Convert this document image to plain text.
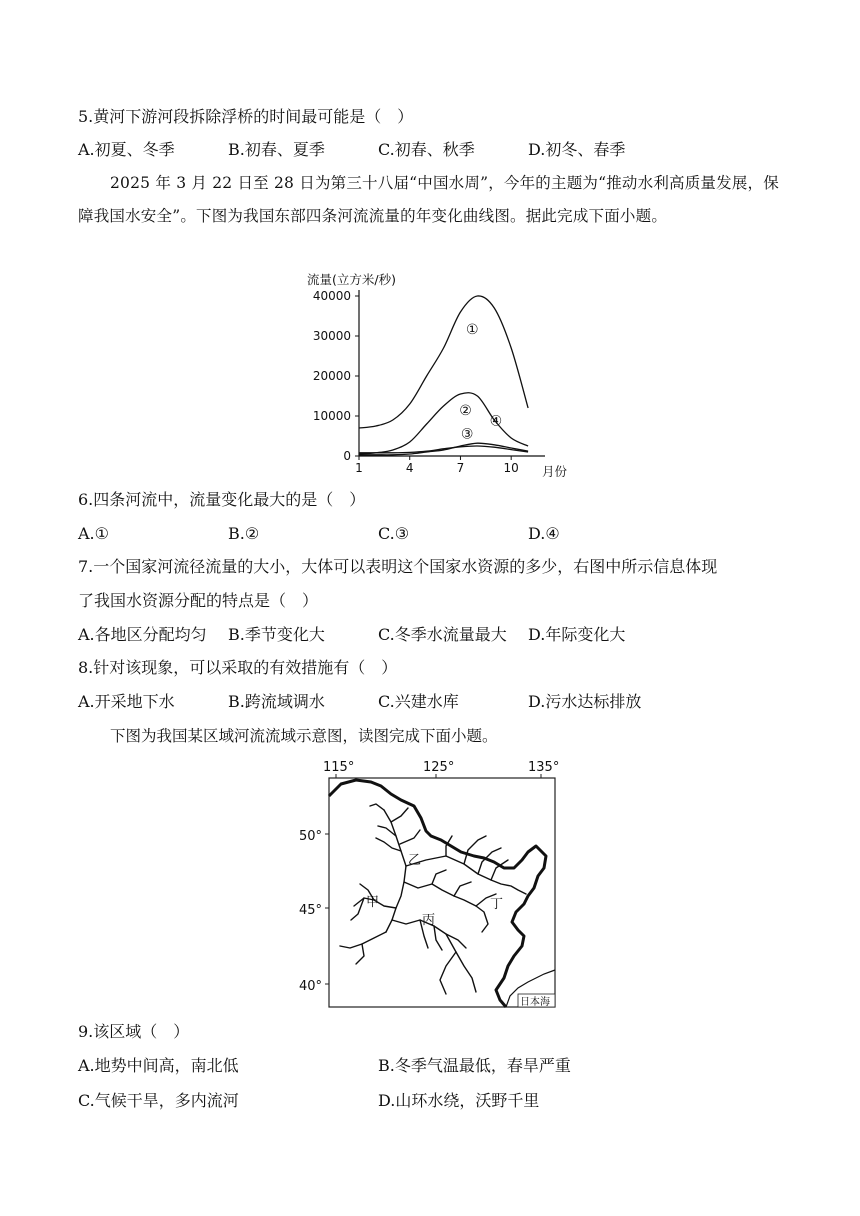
5.黄河下游河段拆除浮桥的时间最可能是（　）
A.初夏、冬季	B.初春、夏季	C.初春、秋季	D.初冬、春季
2025 年 3 月 22 日至 28 日为第三十八届“中国水周”，今年的主题为“推动水利高质量发展，保障我国水安全”。下图为我国东部四条河流流量的年变化曲线图。据此完成下面小题。
流量(立方米/秒)
40000
30000
20000
10000
0
1	4	7	10
①
②
③
④
月份
6.四条河流中，流量变化最大的是（　）
A.①	B.②	C.③	D.④
7.一个国家河流径流量的大小，大体可以表明这个国家水资源的多少，右图中所示信息体现
了我国水资源分配的特点是（　）
A.各地区分配均匀 B.季节变化大	C.冬季水流量最大 D.年际变化大
8.针对该现象，可以采取的有效措施有（　）
A.开采地下水	B.跨流域调水	C.兴建水库	D.污水达标排放
下图为我国某区域河流流域示意图，读图完成下面小题。
115°	125°	135°
50°
45°
40°
乙
甲
丙
丁
日本海
9.该区域（　）
A.地势中间高，南北低	B.冬季气温最低，春旱严重
C.气候干旱，多内流河	D.山环水绕，沃野千里
